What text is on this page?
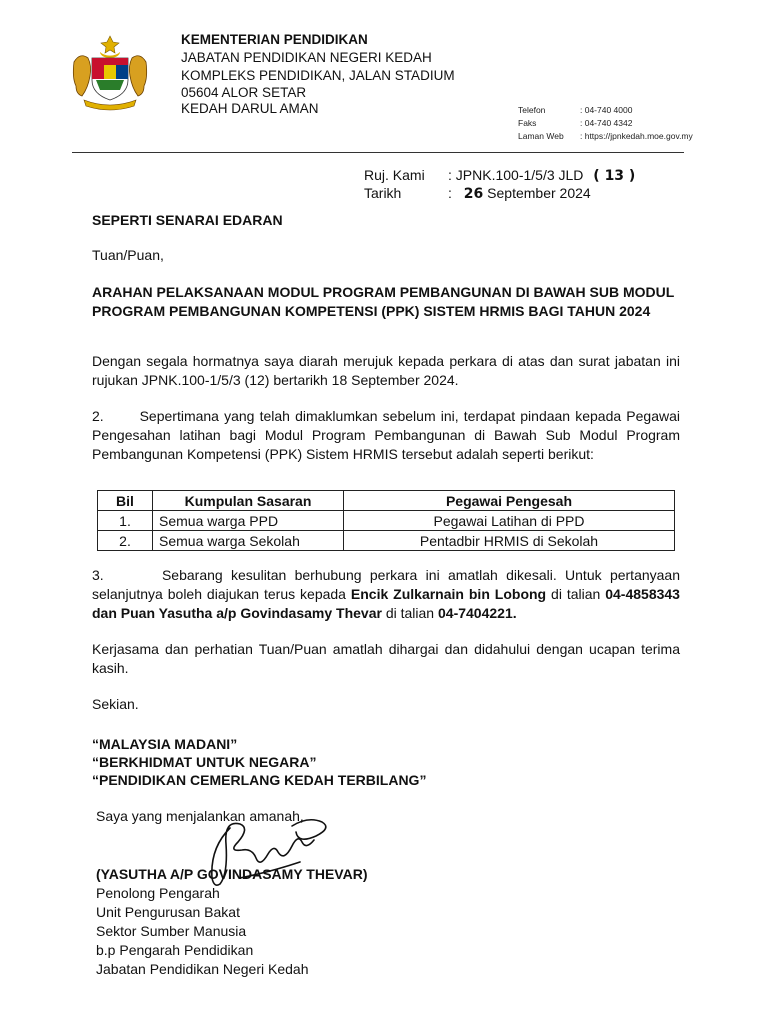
KEMENTERIAN PENDIDIKAN
JABATAN PENDIDIKAN NEGERI KEDAH
KOMPLEKS PENDIDIKAN, JALAN STADIUM
05604 ALOR SETAR
KEDAH DARUL AMAN	Telefon	: 04-740 4000
Faks	: 04-740 4342
Laman Web	: https://jpnkedah.moe.gov.my
Ruj. Kami : JPNK.100-1/5/3 JLD ( 13 )
Tarikh	: 26 September 2024
SEPERTI SENARAI EDARAN
Tuan/Puan,
ARAHAN PELAKSANAAN MODUL PROGRAM PEMBANGUNAN DI BAWAH SUB MODUL PROGRAM PEMBANGUNAN KOMPETENSI (PPK) SISTEM HRMIS BAGI TAHUN 2024
Dengan segala hormatnya saya diarah merujuk kepada perkara di atas dan surat jabatan ini rujukan JPNK.100-1/5/3 (12) bertarikh 18 September 2024.
2.       Sepertimana yang telah dimaklumkan sebelum ini, terdapat pindaan kepada Pegawai Pengesahan latihan bagi Modul Program Pembangunan di Bawah Sub Modul Program Pembangunan Kompetensi (PPK) Sistem HRMIS tersebut adalah seperti berikut:
Bil	Kumpulan Sasaran	Pegawai Pengesah
1.	Semua warga PPD	Pegawai Latihan di PPD
2.	Semua warga Sekolah	Pentadbir HRMIS di Sekolah
3.       Sebarang kesulitan berhubung perkara ini amatlah dikesali. Untuk pertanyaan selanjutnya boleh diajukan terus kepada Encik Zulkarnain bin Lobong di talian 04-4858343 dan Puan Yasutha a/p Govindasamy Thevar di talian 04-7404221.
Kerjasama dan perhatian Tuan/Puan amatlah dihargai dan didahului dengan ucapan terima kasih.
Sekian.
“MALAYSIA MADANI”
“BERKHIDMAT UNTUK NEGARA”
“PENDIDIKAN CEMERLANG KEDAH TERBILANG”
Saya yang menjalankan amanah,
(YASUTHA A/P GOVINDASAMY THEVAR)
Penolong Pengarah
Unit Pengurusan Bakat
Sektor Sumber Manusia
b.p Pengarah Pendidikan
Jabatan Pendidikan Negeri Kedah
